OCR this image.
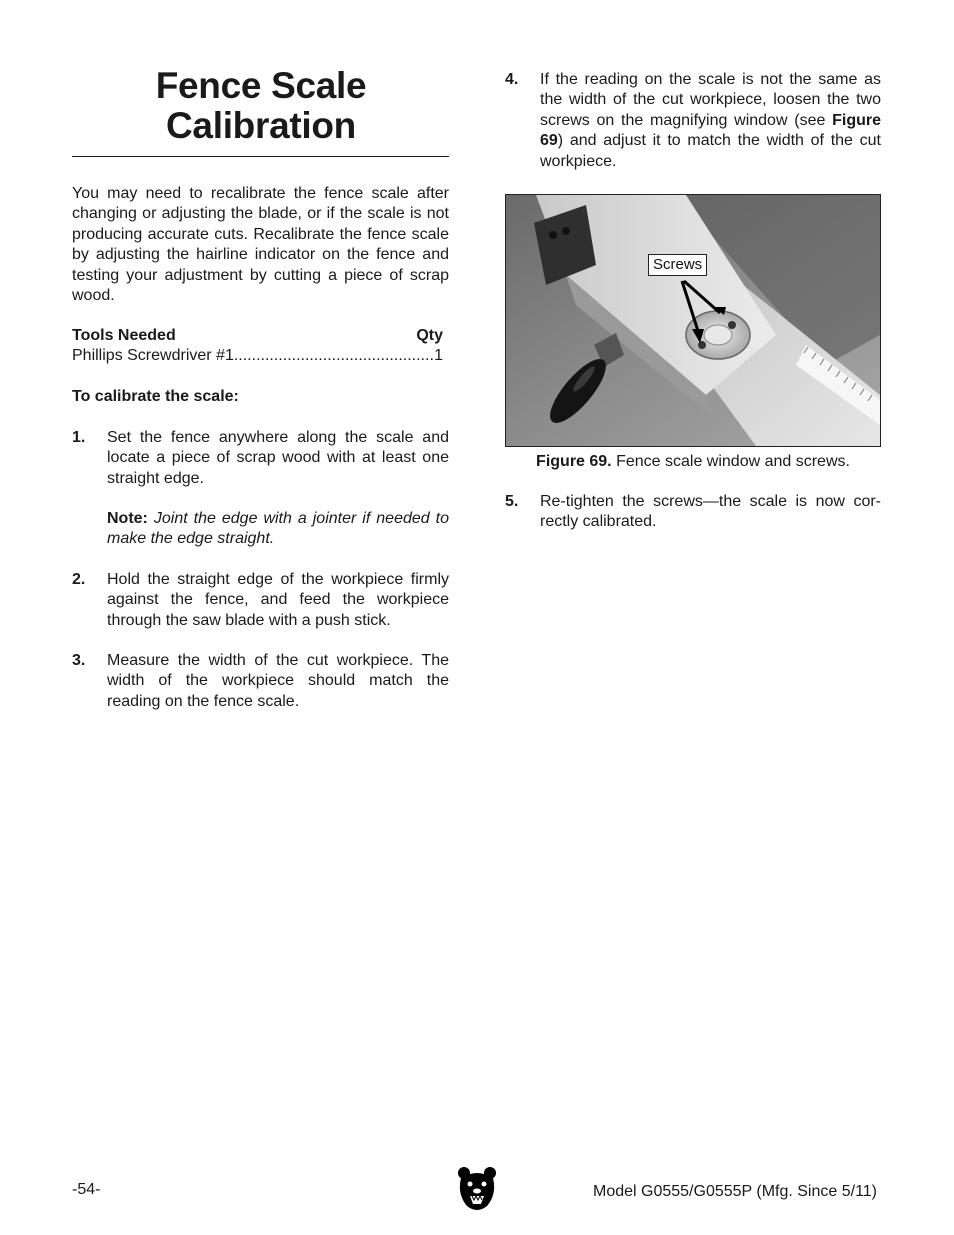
Fence Scale
Calibration

You may need to recalibrate the fence scale after changing or adjusting the blade, or if the scale is not producing accurate cuts. Recalibrate the fence scale by adjusting the hairline indicator on the fence and testing your adjustment by cutting a piece of scrap wood.

Tools Needed	Qty
Phillips Screwdriver #1
.....	1
To calibrate the scale:
1. Set the fence anywhere along the scale and locate a piece of scrap wood with at least one straight edge.
Note: Joint the edge with a jointer if needed to make the edge straight.
2. Hold the straight edge of the workpiece firmly against the fence, and feed the workpiece through the saw blade with a push stick.
3. Measure the width of the cut workpiece. The width of the workpiece should match the reading on the fence scale.
4. If the reading on the scale is not the same as the width of the cut workpiece, loosen the two screws on the magnifying window (see Figure 69) and adjust it to match the width of the cut workpiece.
5. Re-tighten the screws—the scale is now cor-rectly calibrated.
Screws
Figure 69. Fence scale window and screws.
-54-	Model G0555/G0555P (Mfg. Since 5/11)
